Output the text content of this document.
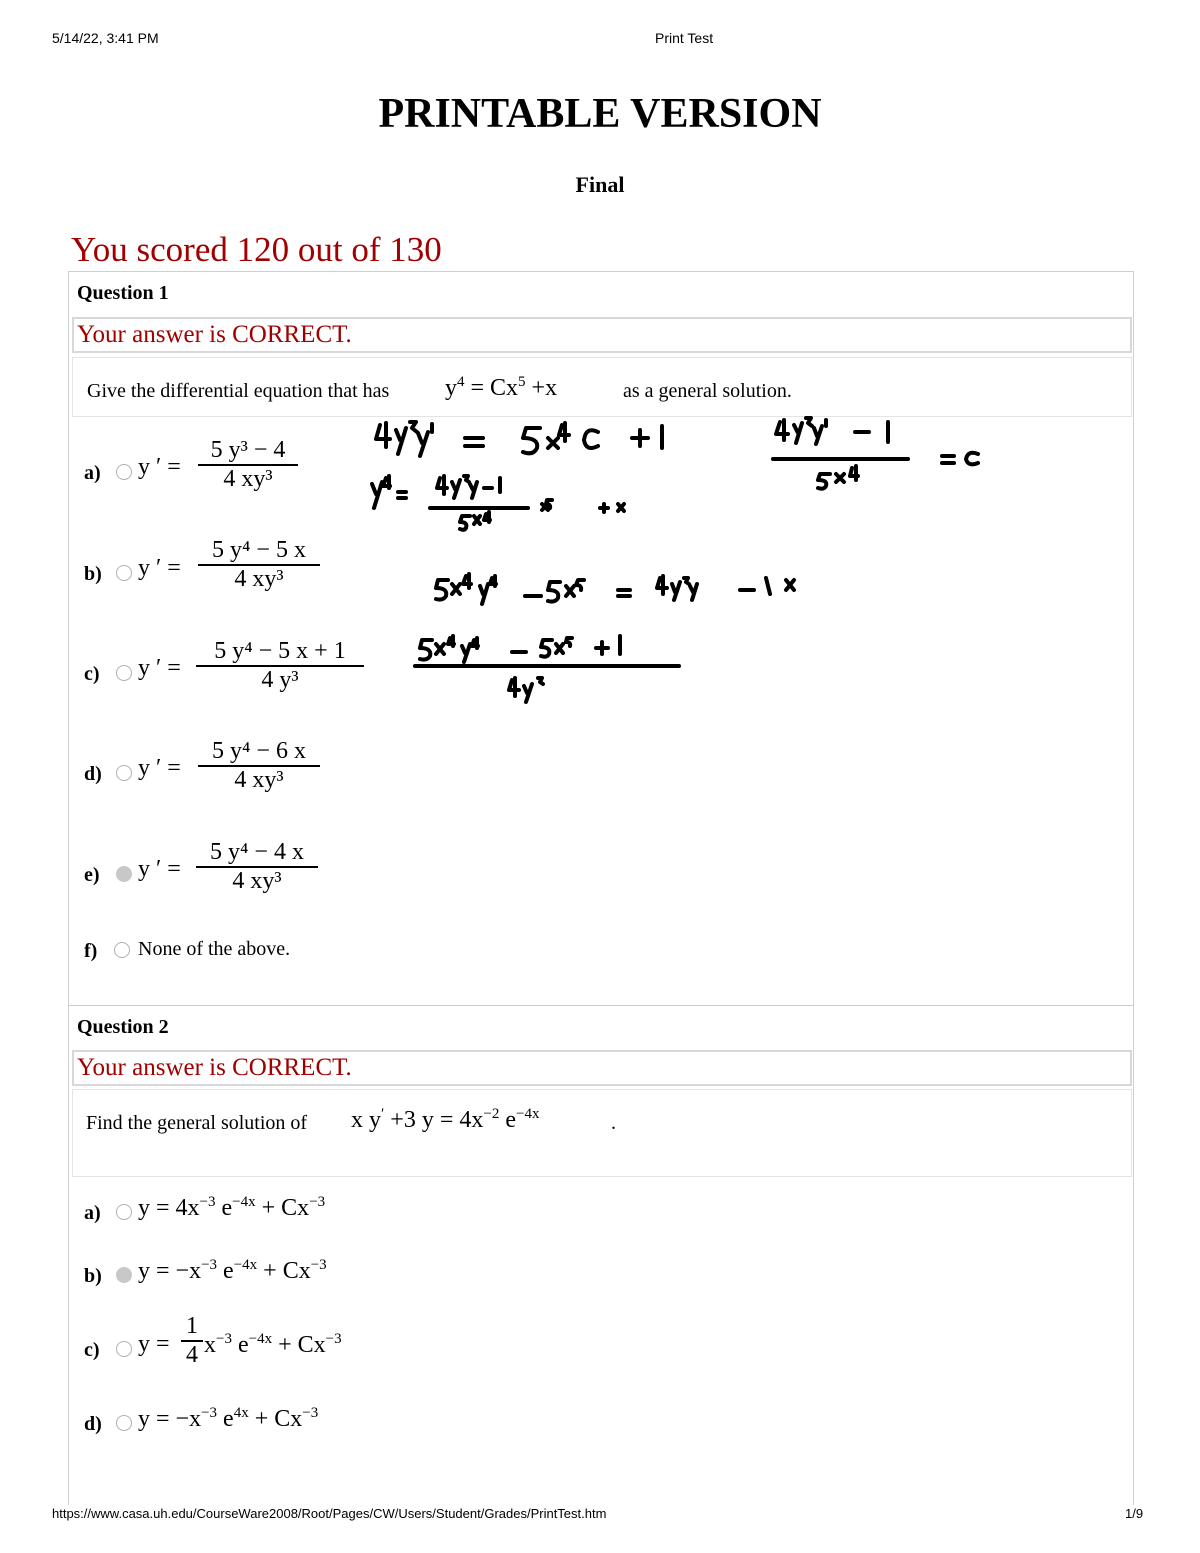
5/14/22, 3:41 PM	Print Test
PRINTABLE VERSION
Final
You scored 120 out of 130
Question 1
Your answer is CORRECT.
Give the differential equation that has $y^4 = Cx^5 +x$	as a general solution.
a)	y ′ =
5 y³ − 4
4 xy³
b)	y ′ =
5 y⁴ − 5 x
4 xy³
c)	y ′ =
5 y⁴ − 5 x + 1
4 y³
d)	y ′ =
5 y⁴ − 6 x
4 xy³
e)	y ′ =
5 y⁴ − 4 x
4 xy³
f)	None of the above.
Question 2
Your answer is CORRECT.
Find the general solution of x y′ +3 $y = 4x^{-2}$ $e^{-4x}$	.
a)	$y = 4x^{-3}$ $e^{-4x} + Cx^{-3}$
b)	$y = -x^{-3}$ $e^{-4x} + Cx^{-3}$
c)	y =
1
4 $x^{-3}$ $e^{-4x} + Cx^{-3}$
d)	$y = -x^{-3}$ $e^{4x} + Cx^{-3}$
https://www.casa.uh.edu/CourseWare2008/Root/Pages/CW/Users/Student/Grades/PrintTest.htm	1/9
